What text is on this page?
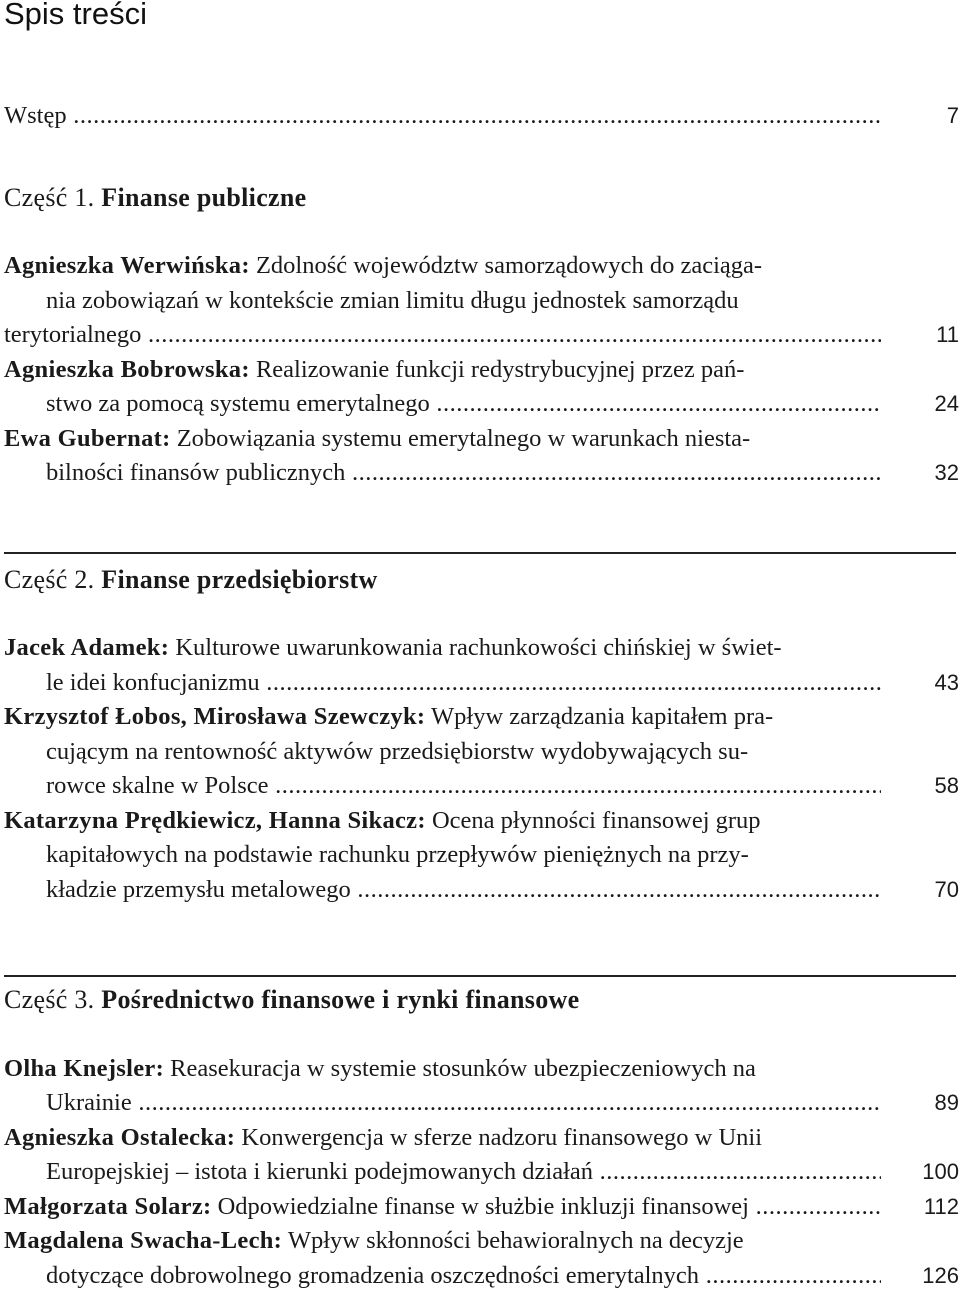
Spis treści
Wstęp .....	7
Część 1. Finanse publiczne
Agnieszka Werwińska: Zdolność województw samorządowych do zaciąga-
nia zobowiązań w kontekście zmian limitu długu jednostek samorządu
terytorialnego .....	11
Agnieszka Bobrowska: Realizowanie funkcji redystrybucyjnej przez pań-
stwo za pomocą systemu emerytalnego .....	24
Ewa Gubernat: Zobowiązania systemu emerytalnego w warunkach niesta-
bilności finansów publicznych .....	32
Część 2. Finanse przedsiębiorstw
Jacek Adamek: Kulturowe uwarunkowania rachunkowości chińskiej w świet-
le idei konfucjanizmu .....	43
Krzysztof Łobos, Mirosława Szewczyk: Wpływ zarządzania kapitałem pra-
cującym na rentowność aktywów przedsiębiorstw wydobywających su-
rowce skalne w Polsce .....	58
Katarzyna Prędkiewicz, Hanna Sikacz: Ocena płynności finansowej grup
kapitałowych na podstawie rachunku przepływów pieniężnych na przy-
kładzie przemysłu metalowego .....	70
Część 3. Pośrednictwo finansowe i rynki finansowe
Olha Knejsler: Reasekuracja w systemie stosunków ubezpieczeniowych na
Ukrainie .....	89
Agnieszka Ostalecka: Konwergencja w sferze nadzoru finansowego w Unii
Europejskiej – istota i kierunki podejmowanych działań .....	100
Małgorzata Solarz: Odpowiedzialne finanse w służbie inkluzji finansowej .....	112
Magdalena Swacha-Lech: Wpływ skłonności behawioralnych na decyzje
dotyczące dobrowolnego gromadzenia oszczędności emerytalnych .....	126
